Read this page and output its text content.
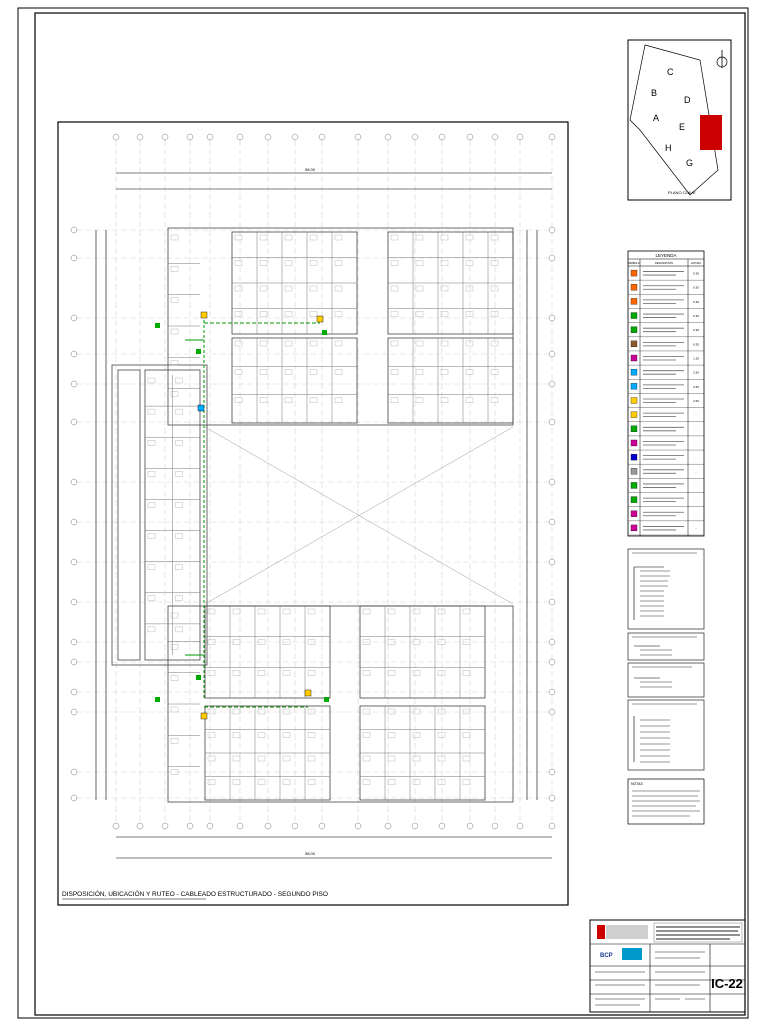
98.00
98.00
DISPOSICIÓN, UBICACIÓN Y RUTEO - CABLEADO ESTRUCTURADO - SEGUNDO PISO
C
B
D
A
E
H
G
PLANO CLAVE
LEYENDA
SÍMBOLO	DESCRIPCIÓN	ALTURA
0.30
0.30
0.30
0.30
0.30
0.30
1.20
2.50
2.50
2.50
-
-
-
-
-
-
-
-
-
NOTAS
BCP
IC-22
